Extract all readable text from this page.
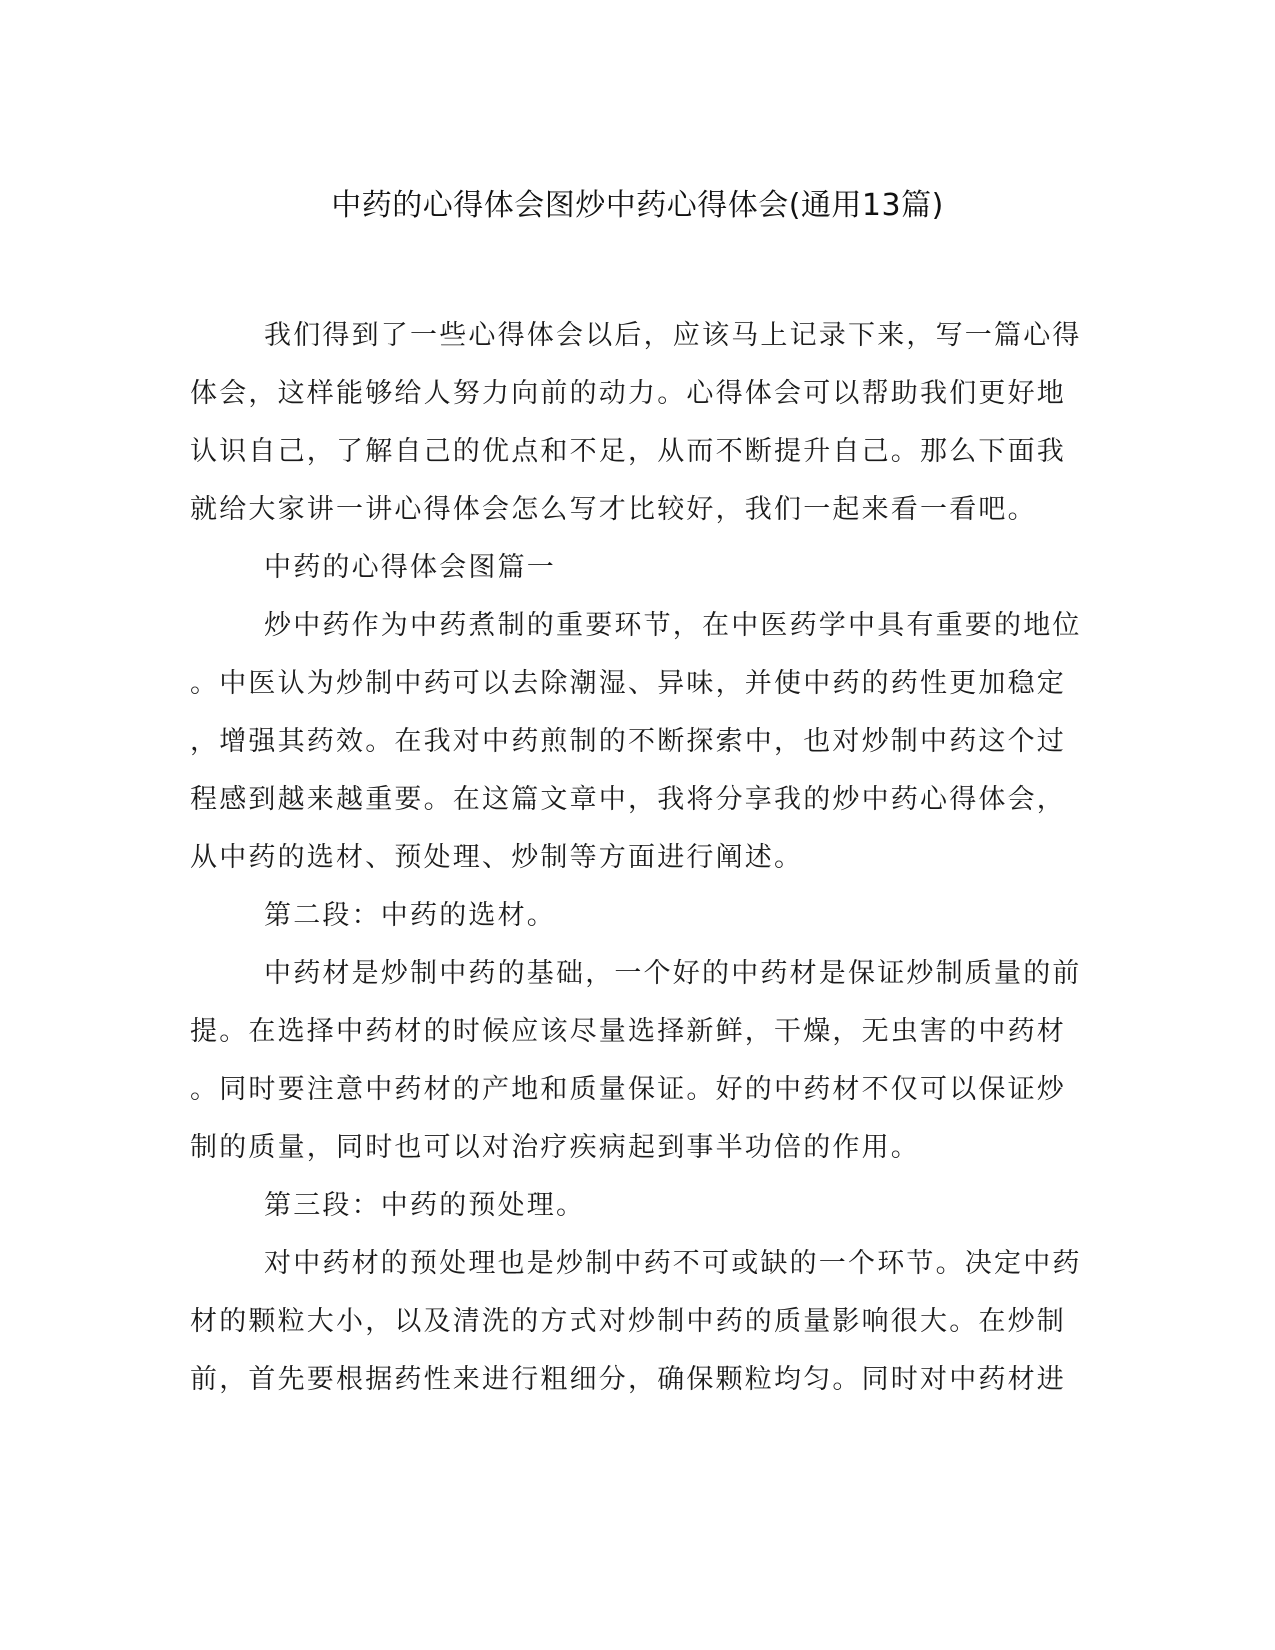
中药的心得体会图炒中药心得体会(通用13篇)
我们得到了一些心得体会以后，应该马上记录下来，写一篇心得
体会，这样能够给人努力向前的动力。心得体会可以帮助我们更好地
认识自己，了解自己的优点和不足，从而不断提升自己。那么下面我
就给大家讲一讲心得体会怎么写才比较好，我们一起来看一看吧。
中药的心得体会图篇一
炒中药作为中药煮制的重要环节，在中医药学中具有重要的地位
。中医认为炒制中药可以去除潮湿、异味，并使中药的药性更加稳定
，增强其药效。在我对中药煎制的不断探索中，也对炒制中药这个过
程感到越来越重要。在这篇文章中，我将分享我的炒中药心得体会，
从中药的选材、预处理、炒制等方面进行阐述。
第二段：中药的选材。
中药材是炒制中药的基础，一个好的中药材是保证炒制质量的前
提。在选择中药材的时候应该尽量选择新鲜，干燥，无虫害的中药材
。同时要注意中药材的产地和质量保证。好的中药材不仅可以保证炒
制的质量，同时也可以对治疗疾病起到事半功倍的作用。
第三段：中药的预处理。
对中药材的预处理也是炒制中药不可或缺的一个环节。决定中药
材的颗粒大小，以及清洗的方式对炒制中药的质量影响很大。在炒制
前，首先要根据药性来进行粗细分，确保颗粒均匀。同时对中药材进
